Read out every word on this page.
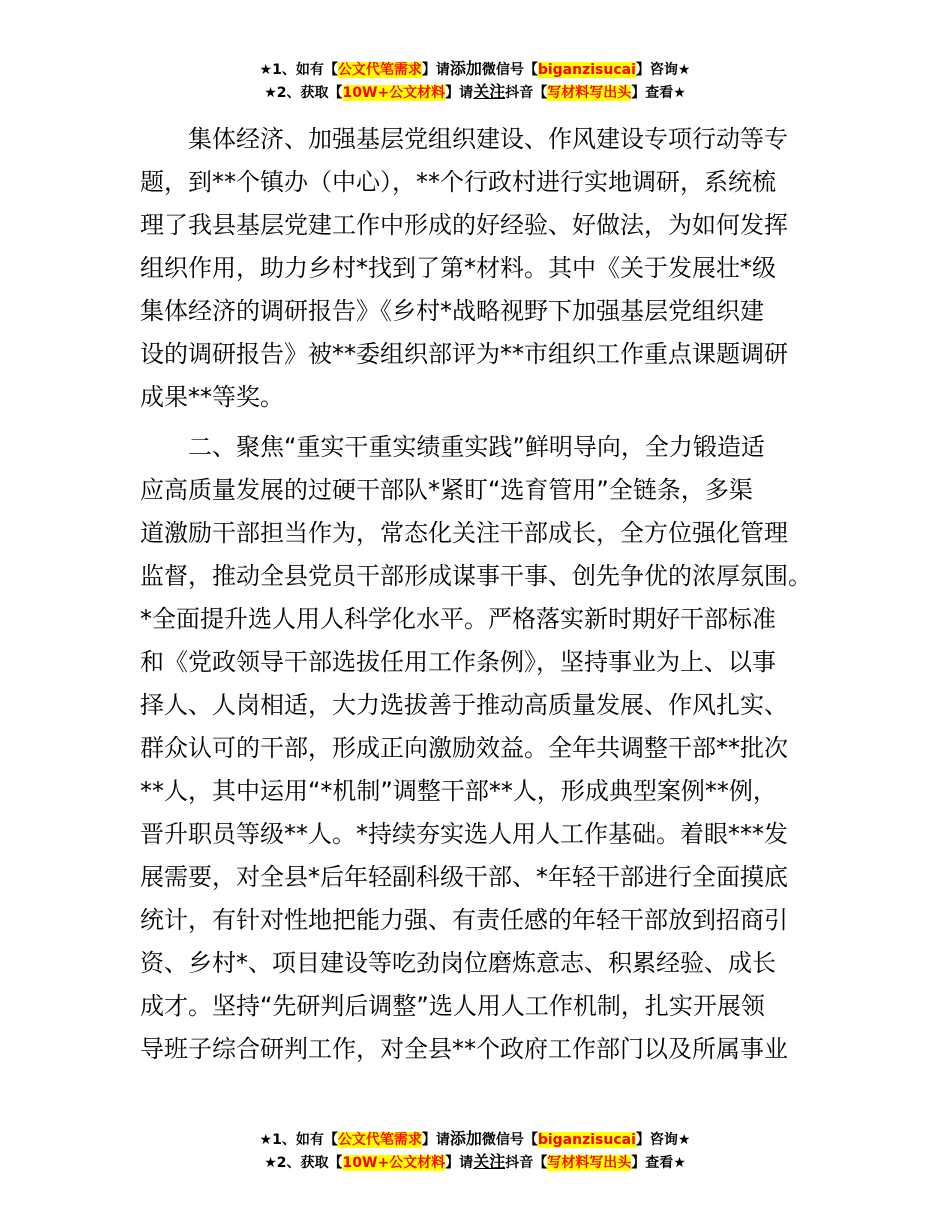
★1、如有【公文代笔需求】请添加微信号【biganzisucai】咨询★
★2、获取【10W+公文材料】请关注抖音【写材料写出头】查看★
　　集体经济、加强基层党组织建设、作风建设专项行动等专
题，到**个镇办（中心），**个行政村进行实地调研，系统梳
理了我县基层党建工作中形成的好经验、好做法，为如何发挥
组织作用，助力乡村*找到了第*材料。其中《关于发展壮*级
集体经济的调研报告》《乡村*战略视野下加强基层党组织建
设的调研报告》被**委组织部评为**市组织工作重点课题调研
成果**等奖。
　　二、聚焦“重实干重实绩重实践”鲜明导向，全力锻造适
应高质量发展的过硬干部队*紧盯“选育管用”全链条，多渠
道激励干部担当作为，常态化关注干部成长，全方位强化管理
监督，推动全县党员干部形成谋事干事、创先争优的浓厚氛围。
*全面提升选人用人科学化水平。严格落实新时期好干部标准
和《党政领导干部选拔任用工作条例》，坚持事业为上、以事
择人、人岗相适，大力选拔善于推动高质量发展、作风扎实、
群众认可的干部，形成正向激励效益。全年共调整干部**批次
**人，其中运用“*机制”调整干部**人，形成典型案例**例，
晋升职员等级**人。*持续夯实选人用人工作基础。着眼***发
展需要，对全县*后年轻副科级干部、*年轻干部进行全面摸底
统计，有针对性地把能力强、有责任感的年轻干部放到招商引
资、乡村*、项目建设等吃劲岗位磨炼意志、积累经验、成长
成才。坚持“先研判后调整”选人用人工作机制，扎实开展领
导班子综合研判工作，对全县**个政府工作部门以及所属事业
★1、如有【公文代笔需求】请添加微信号【biganzisucai】咨询★
★2、获取【10W+公文材料】请关注抖音【写材料写出头】查看★
